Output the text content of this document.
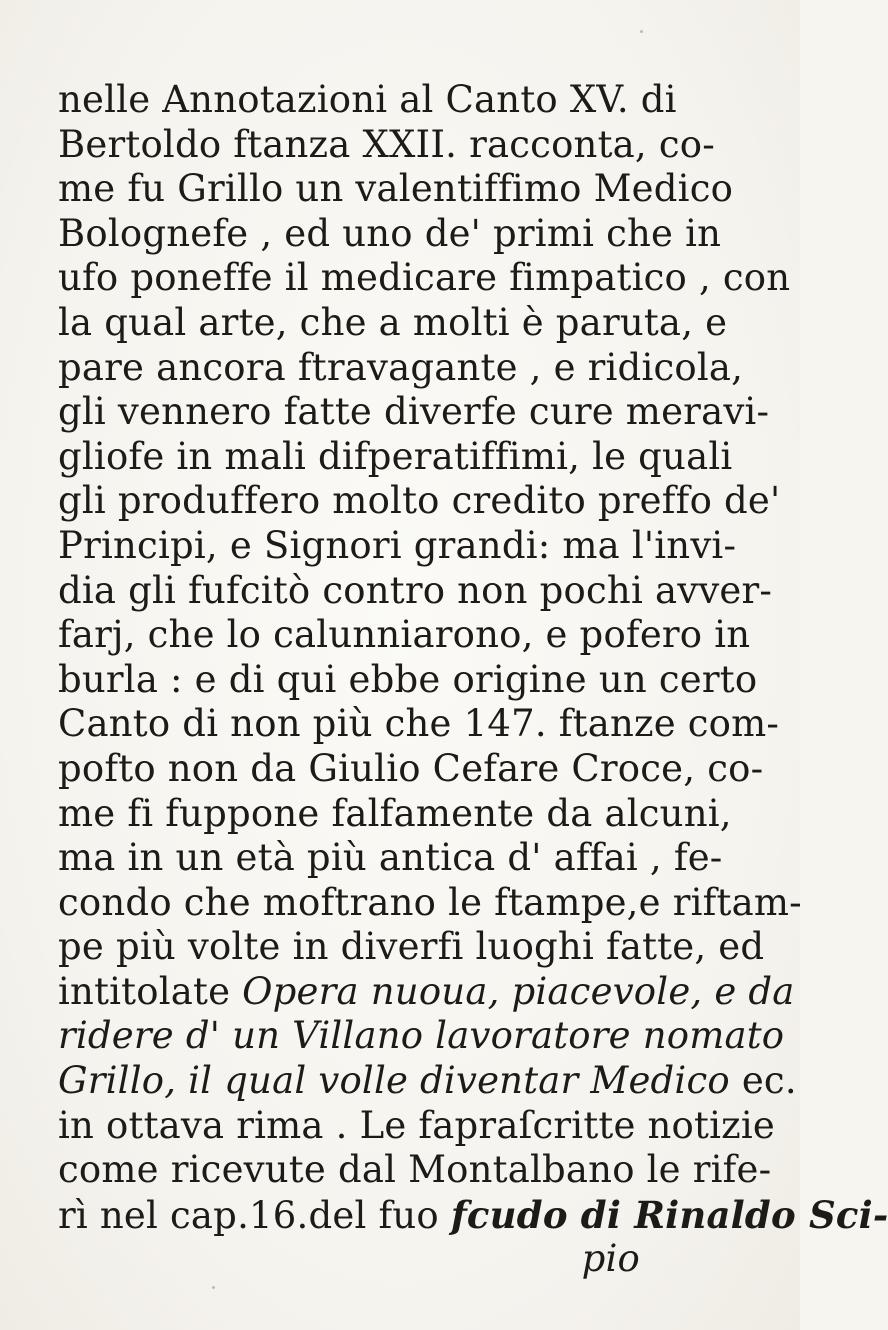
nelle Annotazioni al Canto XV. di
Bertoldo ftanza XXII. racconta, co-
me fu Grillo un valentiffimo Medico
Bolognefe , ed uno de' primi che in
ufo poneffe il medicare fimpatico , con
la qual arte, che a molti è paruta, e
pare ancora ftravagante , e ridicola,
gli vennero fatte diverfe cure meravi-
gliofe in mali difperatiffimi, le quali
gli produffero molto credito preffo de'
Principi, e Signori grandi: ma l'invi-
dia gli fufcitò contro non pochi avver-
farj, che lo calunniarono, e pofero in
burla : e di qui ebbe origine un certo
Canto di non più che 147. ftanze com-
pofto non da Giulio Cefare Croce, co-
me fi fuppone falfamente da alcuni,
ma in un età più antica d' affai , fe-
condo che moftrano le ftampe,e riftam-
pe più volte in diverfi luoghi fatte, ed
intitolate Opera nuoua, piacevole, e da
ridere d' un Villano lavoratore nomato
Grillo, il qual volle diventar Medico ec.
in ottava rima . Le fapraſcritte notizie
come ricevute dal Montalbano le rife-
rì nel cap.16.del fuo fcudo di Rinaldo Sci-
pio
